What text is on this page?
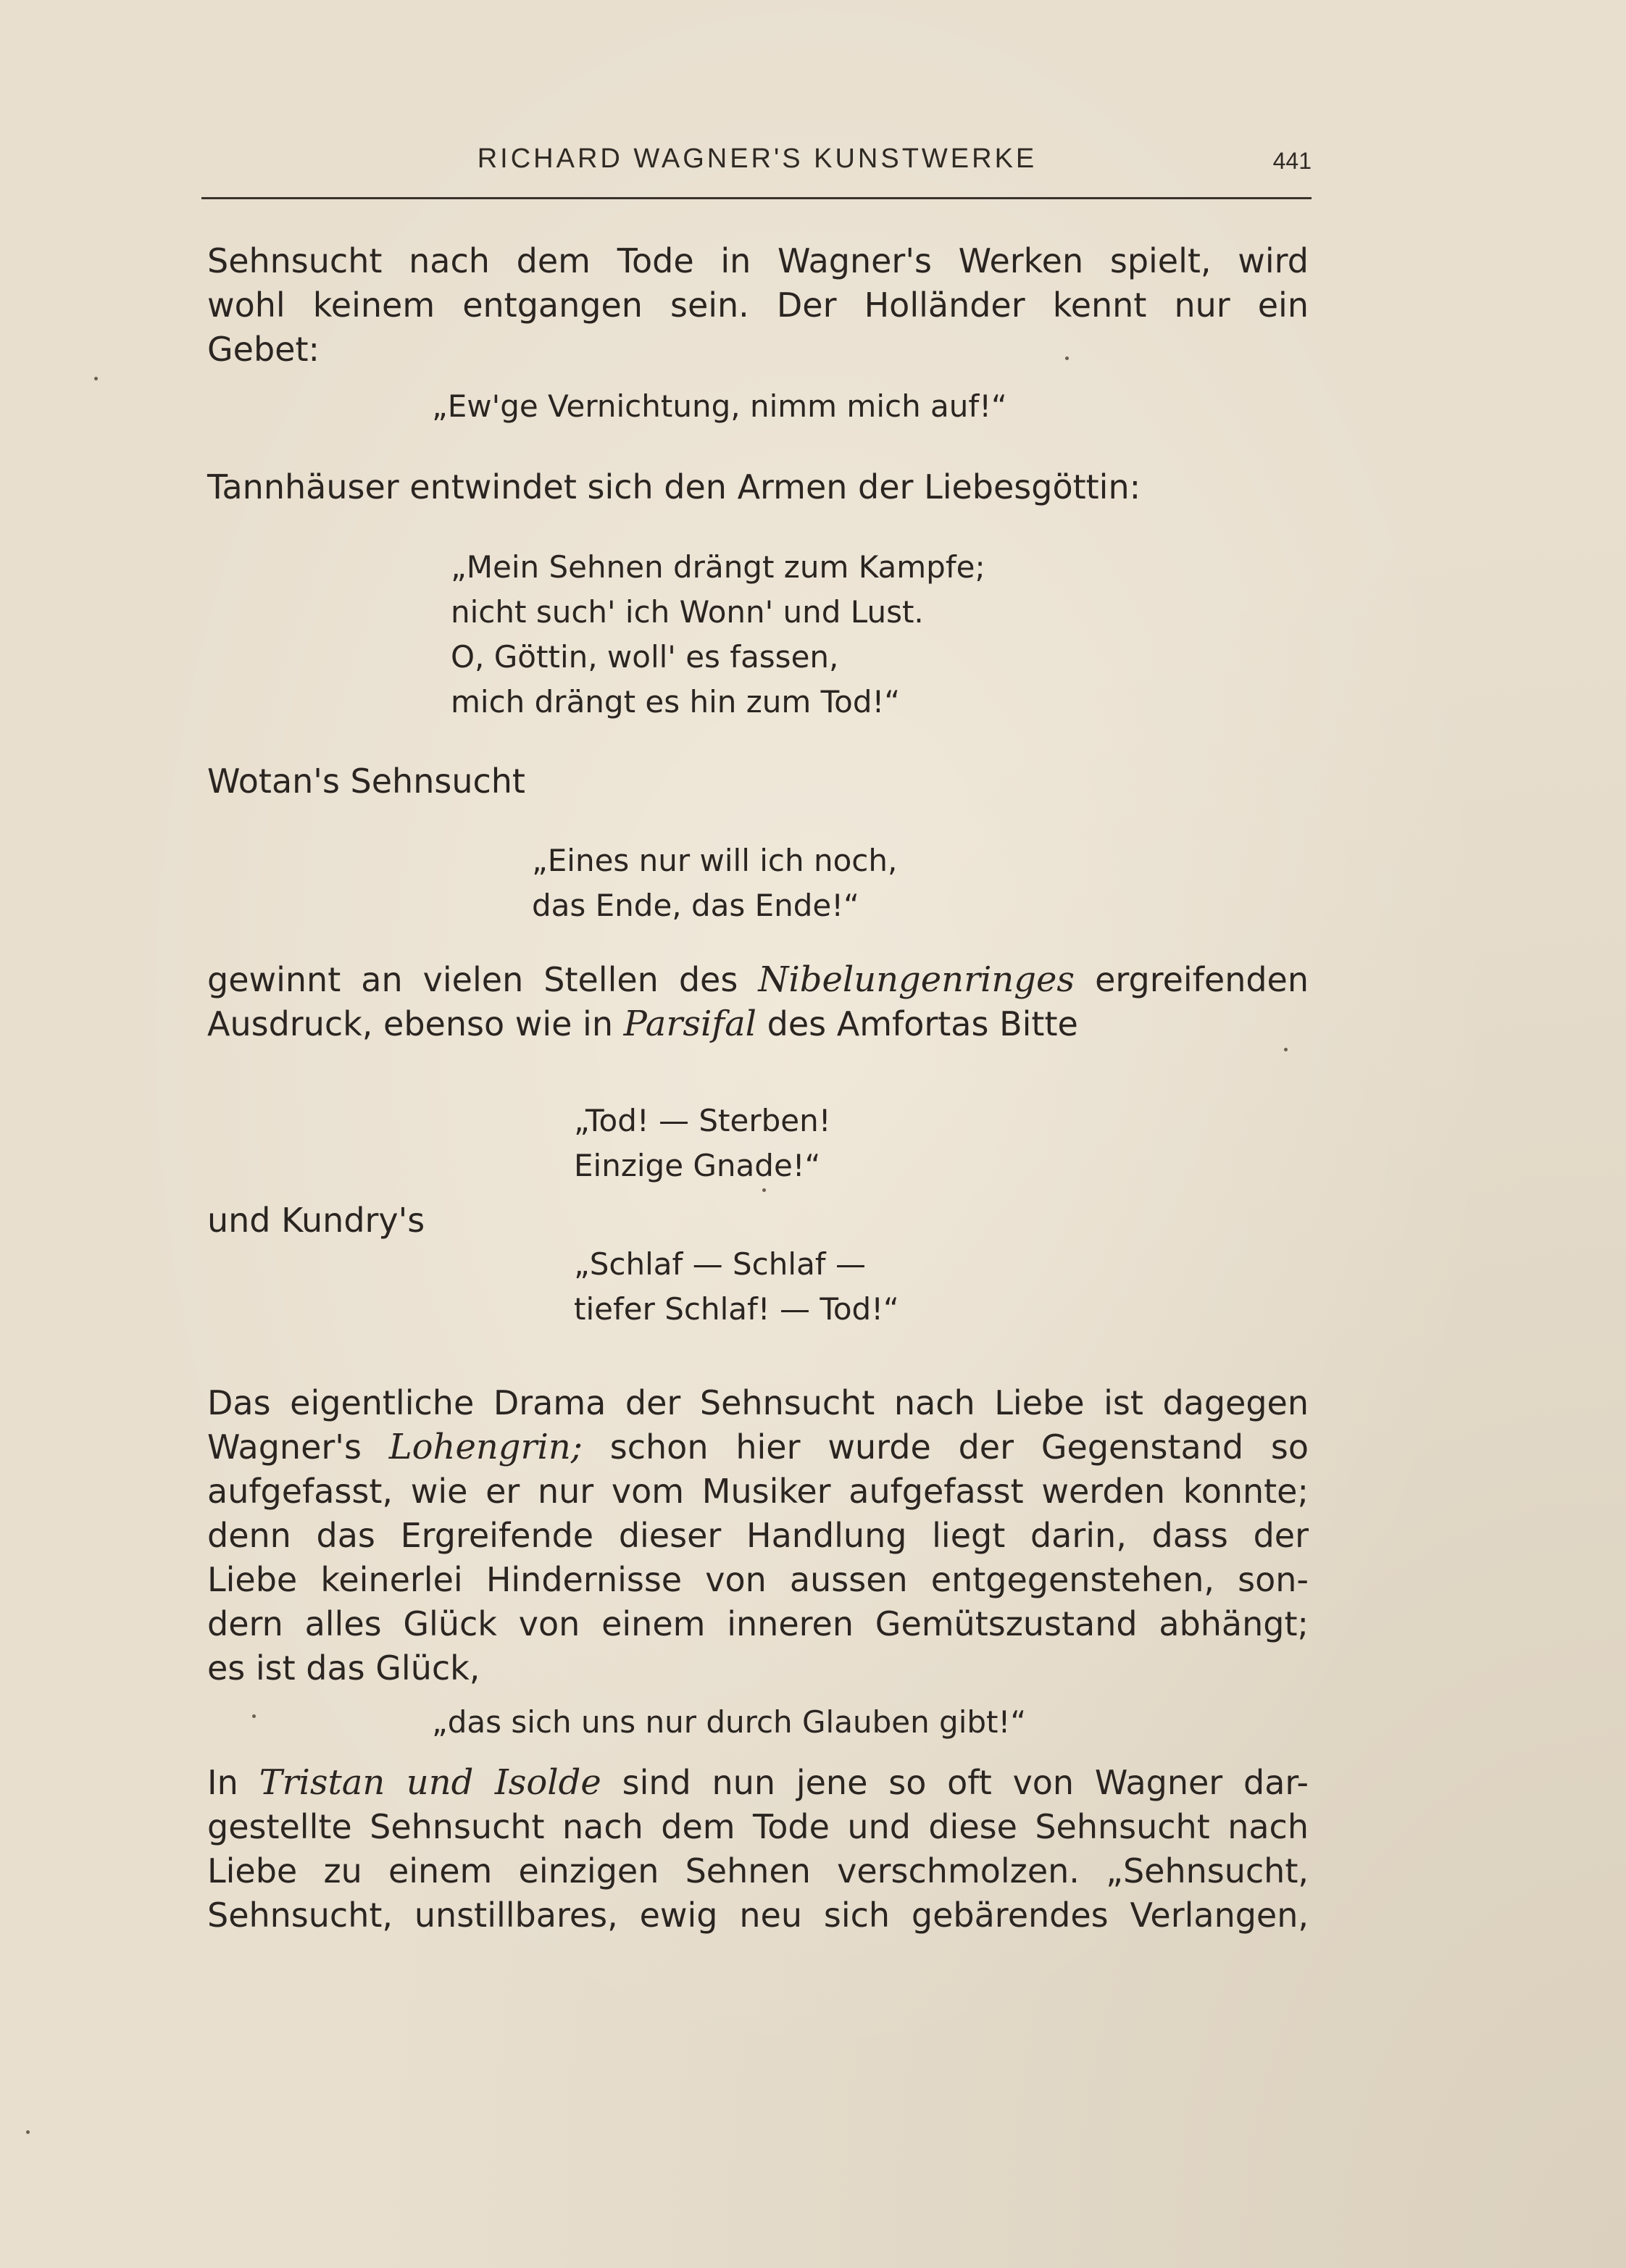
RICHARD WAGNER'S KUNSTWERKE	441
Sehnsucht nach dem Tode in Wagner's Werken spielt, wird
wohl keinem entgangen sein. Der Holländer kennt nur ein
Gebet:
„Ew'ge Vernichtung, nimm mich auf!“
Tannhäuser entwindet sich den Armen der Liebesgöttin:
„Mein Sehnen drängt zum Kampfe;
nicht such' ich Wonn' und Lust.
O, Göttin, woll' es fassen,
mich drängt es hin zum Tod!“
Wotan's Sehnsucht
„Eines nur will ich noch,
das Ende, das Ende!“
gewinnt an vielen Stellen des Nibelungenringes ergreifenden
Ausdruck, ebenso wie in Parsifal des Amfortas Bitte
„Tod! — Sterben!
Einzige Gnade!“
und Kundry's
„Schlaf — Schlaf —
tiefer Schlaf! — Tod!“
Das eigentliche Drama der Sehnsucht nach Liebe ist dagegen
Wagner's Lohengrin; schon hier wurde der Gegenstand so
aufgefasst, wie er nur vom Musiker aufgefasst werden konnte;
denn das Ergreifende dieser Handlung liegt darin, dass der
Liebe keinerlei Hindernisse von aussen entgegenstehen, son-
dern alles Glück von einem inneren Gemütszustand abhängt;
es ist das Glück,
„das sich uns nur durch Glauben gibt!“
In Tristan und Isolde sind nun jene so oft von Wagner dar-
gestellte Sehnsucht nach dem Tode und diese Sehnsucht nach
Liebe zu einem einzigen Sehnen verschmolzen. „Sehnsucht,
Sehnsucht, unstillbares, ewig neu sich gebärendes Verlangen,
